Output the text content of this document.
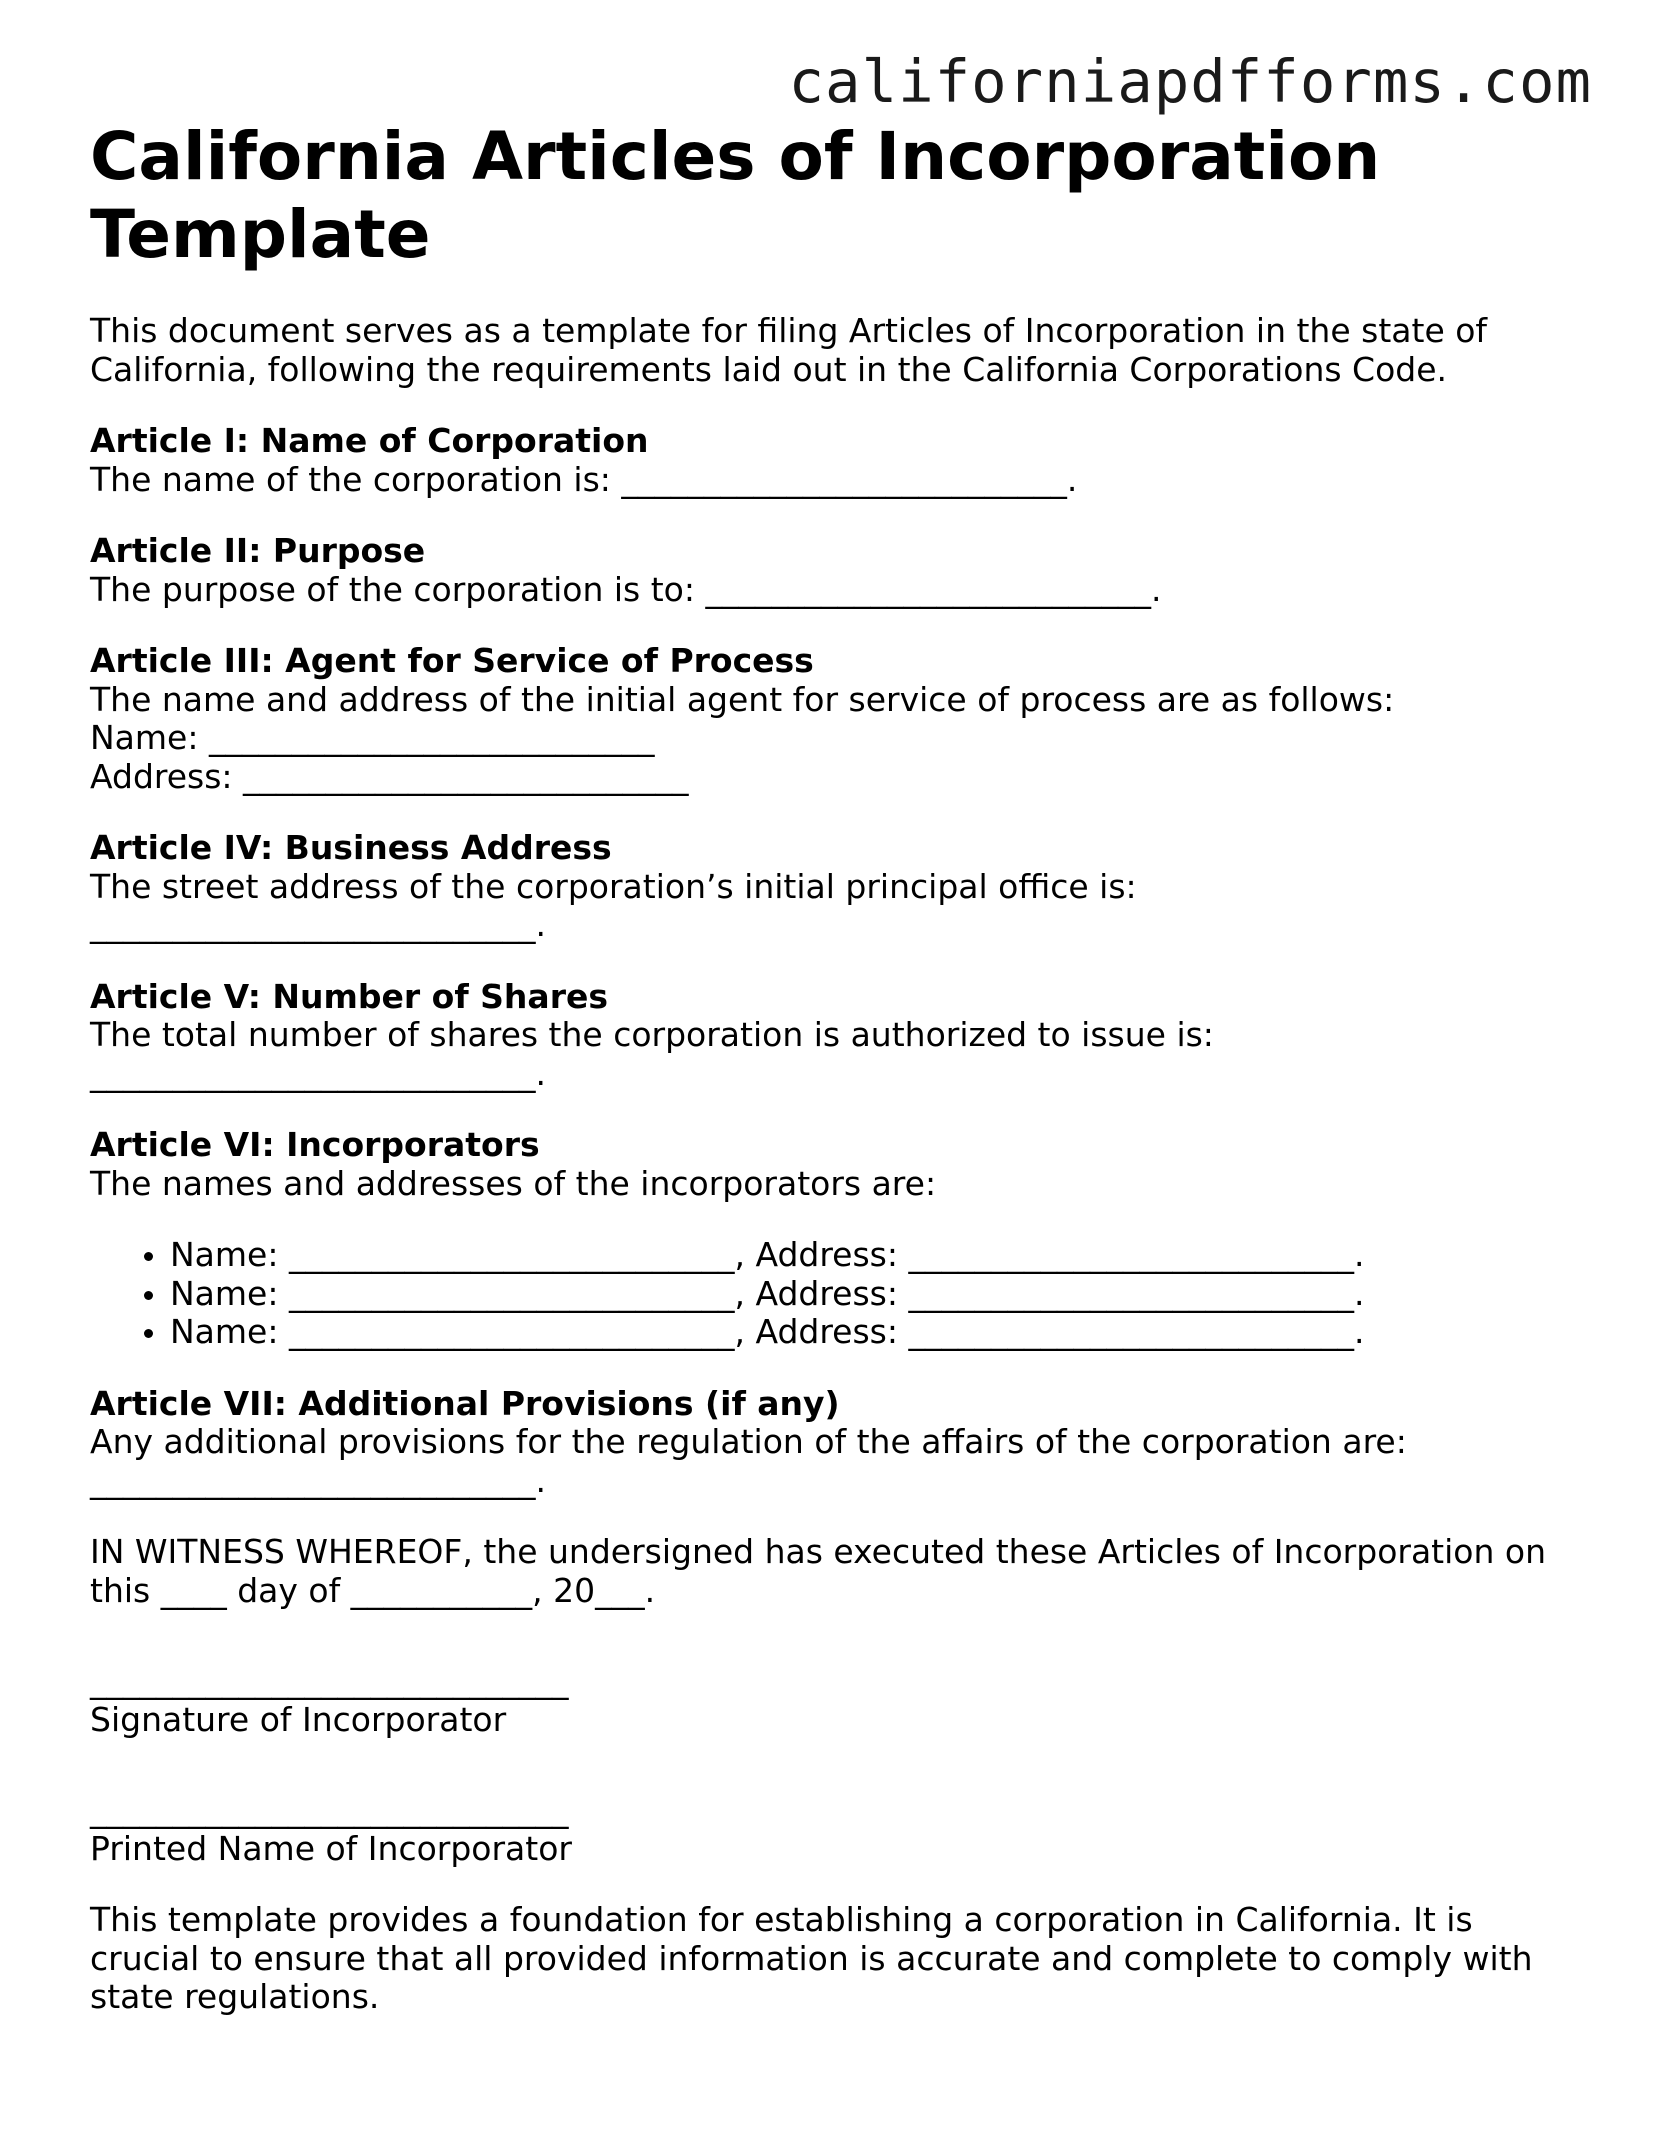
californiapdfforms.com
California Articles of Incorporation Template

This document serves as a template for filing Articles of Incorporation in the state of California, following the requirements laid out in the California Corporations Code.

Article I: Name of Corporation

The name of the corporation is: ___________________________.

Article II: Purpose

The purpose of the corporation is to: ___________________________.

Article III: Agent for Service of Process

The name and address of the initial agent for service of process are as follows:

Name: ___________________________

Address: ___________________________

Article IV: Business Address

The street address of the corporation’s initial principal office is:

___________________________.

Article V: Number of Shares

The total number of shares the corporation is authorized to issue is:

___________________________.

Article VI: Incorporators

The names and addresses of the incorporators are:

Name: ___________________________, Address: ___________________________.
Name: ___________________________, Address: ___________________________.
Name: ___________________________, Address: ___________________________.

Article VII: Additional Provisions (if any)

Any additional provisions for the regulation of the affairs of the corporation are:

___________________________.

IN WITNESS WHEREOF, the undersigned has executed these Articles of Incorporation on this ____ day of ___________, 20___.

_____________________________

Signature of Incorporator

_____________________________

Printed Name of Incorporator

This template provides a foundation for establishing a corporation in California. It is crucial to ensure that all provided information is accurate and complete to comply with state regulations.
